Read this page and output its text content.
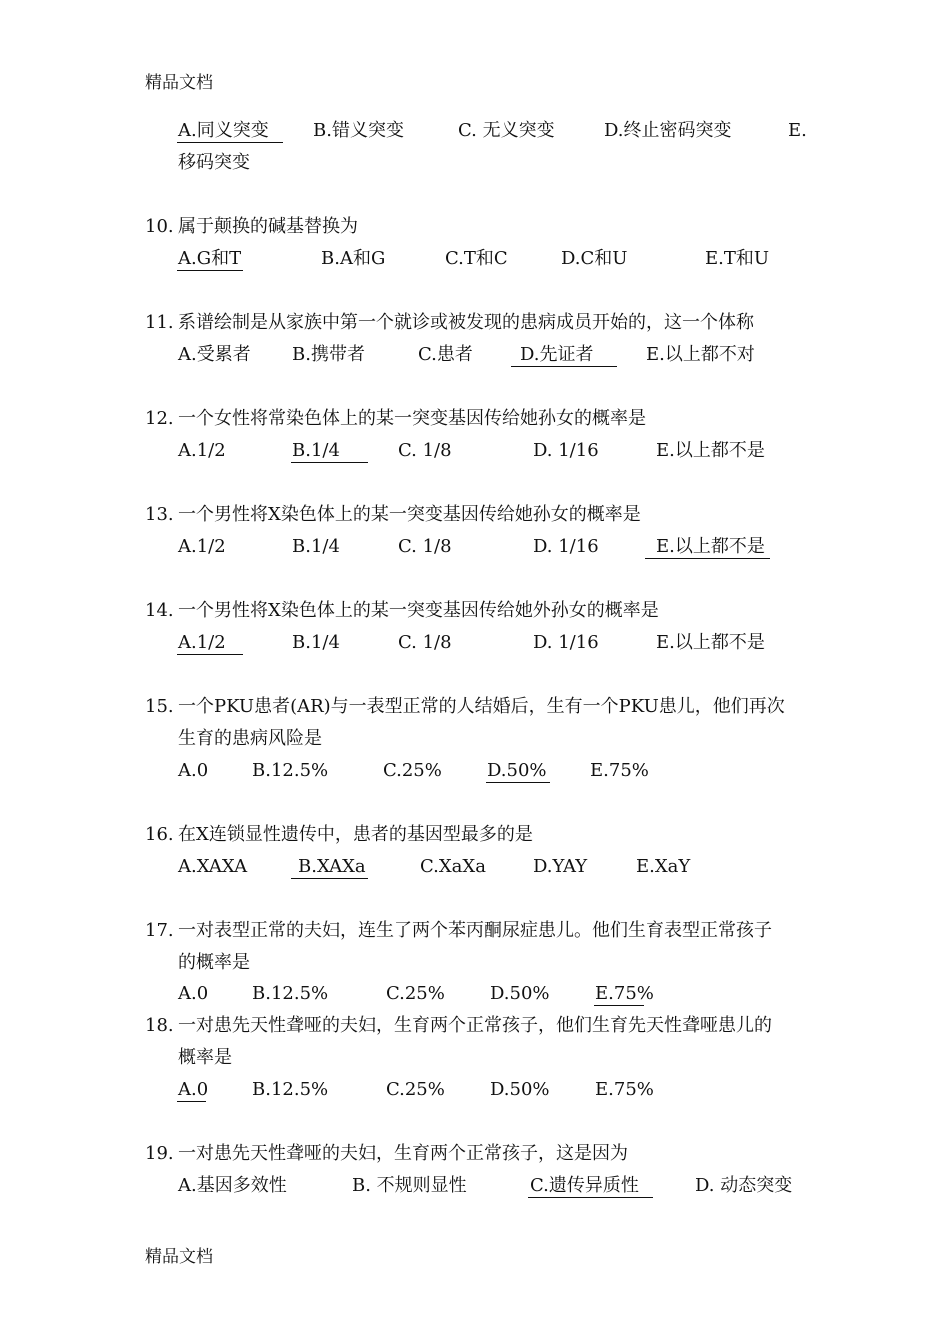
精品文档
A.同义突变 B.错义突变	C. 无义突变	D.终止密码突变	E.
移码突变
10. 属于颠换的碱基替换为
A.G和T	B.A和G	C.T和C	D.C和U	E.T和U
11. 系谱绘制是从家族中第一个就诊或被发现的患病成员开始的，这一个体称
A.受累者 B.携带者	C.患者	D.先证者	E.以上都不对
12. 一个女性将常染色体上的某一突变基因传给她孙女的概率是
A.1/2	B.1/4	C. 1/8	D. 1/16	E.以上都不是
13. 一个男性将X染色体上的某一突变基因传给她孙女的概率是
A.1/2	B.1/4	C. 1/8	D. 1/16	E.以上都不是
14. 一个男性将X染色体上的某一突变基因传给她外孙女的概率是
A.1/2	B.1/4	C. 1/8	D. 1/16	E.以上都不是
15. 一个PKU患者(AR)与一表型正常的人结婚后，生有一个PKU患儿，他们再次
生育的患病风险是
A.0 B.12.5%	C.25%	D.50% E.75%
16. 在X连锁显性遗传中，患者的基因型最多的是
A.XAXA	B.XAXa	C.XaXa	D.YAY	E.XaY
17. 一对表型正常的夫妇，连生了两个苯丙酮尿症患儿。他们生育表型正常孩子
的概率是
A.0 B.12.5%	C.25%	D.50%	E.75%
18. 一对患先天性聋哑的夫妇，生育两个正常孩子，他们生育先天性聋哑患儿的
概率是
A.0 B.12.5%	C.25%	D.50%	E.75%
19. 一对患先天性聋哑的夫妇，生育两个正常孩子，这是因为
A.基因多效性	B. 不规则显性	C.遗传异质性	D. 动态突变
精品文档
